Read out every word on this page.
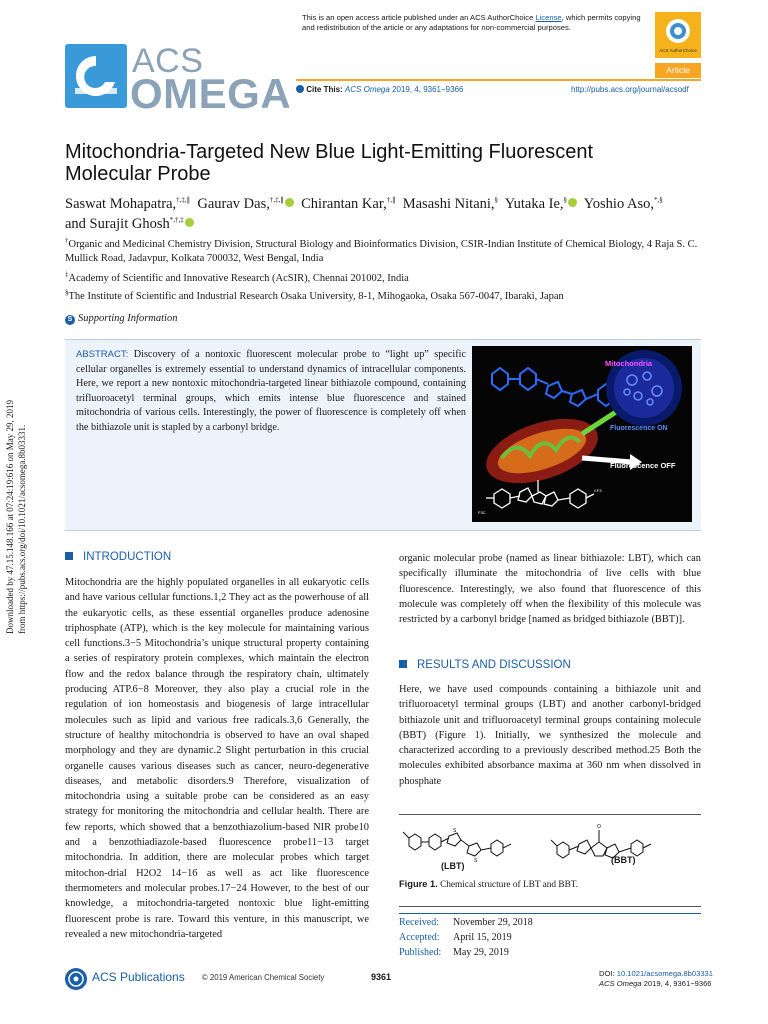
Downloaded by 47.15.148.166 at 07:24:19:616 on May 29, 2019 from https://pubs.acs.org/doi/10.1021/acsomega.8b03331.
This is an open access article published under an ACS AuthorChoice License, which permits copying and redistribution of the article or any adaptations for non-commercial purposes.
ACS AuthorChoice
Article
ACS
OMEGA	Cite This: ACS Omega 2019, 4, 9361−9366	http://pubs.acs.org/journal/acsodf
Mitochondria-Targeted New Blue Light-Emitting Fluorescent Molecular Probe
Saswat Mohapatra,†,‡,∥ Gaurav Das,†,‡,∥ Chirantan Kar,†,∥ Masashi Nitani,§ Yutaka Ie,§ Yoshio Aso,*,§
and Surajit Ghosh*,†,‡
†Organic and Medicinal Chemistry Division, Structural Biology and Bioinformatics Division, CSIR-Indian Institute of Chemical Biology, 4 Raja S. C. Mullick Road, Jadavpur, Kolkata 700032, West Bengal, India
‡Academy of Scientific and Innovative Research (AcSIR), Chennai 201002, India
§The Institute of Scientific and Industrial Research Osaka University, 8-1, Mihogaoka, Osaka 567-0047, Ibaraki, Japan
S Supporting Information
ABSTRACT: Discovery of a nontoxic fluorescent molecular probe to “light up” specific cellular organelles is extremely essential to understand dynamics of intracellular components. Here, we report a new nontoxic mitochondria-targeted linear bithiazole compound, containing trifluoroacetyl terminal groups, which emits intense blue fluorescence and stained mitochondria of various cells. Interestingly, the power of fluorescence is completely off when the bithiazole unit is stapled by a carbonyl bridge.
Mitochondria
Fluorescence ON
Fluorescence OFF
F3C
CF3
INTRODUCTION
Mitochondria are the highly populated organelles in all eukaryotic cells and have various cellular functions.1,2 They act as the powerhouse of all the eukaryotic cells, as these essential organelles produce adenosine triphosphate (ATP), which is the key molecule for maintaining various cell functions.3−5 Mitochondria’s unique structural property containing a series of respiratory protein complexes, which maintain the electron flow and the redox balance through the respiratory chain, ultimately producing ATP.6−8 Moreover, they also play a crucial role in the regulation of ion homeostasis and biogenesis of large intracellular molecules such as lipid and various free radicals.3,6 Generally, the structure of healthy mitochondria is observed to have an oval shaped morphology and they are dynamic.2 Slight perturbation in this crucial organelle causes various diseases such as cancer, neuro-degenerative diseases, and metabolic disorders.9 Therefore, visualization of mitochondria using a suitable probe can be considered as an easy strategy for monitoring the mitochondria and cellular health. There are few reports, which showed that a benzothiazolium-based NIR probe10 and a benzothiadiazole-based fluorescence probe11−13 target mitochondria. In addition, there are molecular probes which target mitochon-drial H2O2 14−16 as well as act like fluorescence thermometers and molecular probes.17−24 However, to the best of our knowledge, a mitochondria-targeted nontoxic blue light-emitting fluorescent probe is rare. Toward this venture, in this manuscript, we revealed a new mitochondria-targeted
organic molecular probe (named as linear bithiazole: LBT), which can specifically illuminate the mitochondria of live cells with blue fluorescence. Interestingly, we also found that fluorescence of this molecule was completely off when the flexibility of this molecule was restricted by a carbonyl bridge [named as bridged bithiazole (BBT)].
RESULTS AND DISCUSSION
Here, we have used compounds containing a bithiazole unit and trifluoroacetyl terminal groups (LBT) and another carbonyl-bridged bithiazole unit and trifluoroacetyl terminal groups containing molecule (BBT) (Figure 1). Initially, we synthesized the molecule and characterized according to a previously described method.25 Both the molecules exhibited absorbance maxima at 360 nm when dissolved in phosphate
S
S
O
(LBT)
(BBT)
Figure 1. Chemical structure of LBT and BBT.
Received: November 29, 2018
Accepted: April 15, 2019
Published: May 29, 2019
ACS Publications © 2019 American Chemical Society	9361	DOI: 10.1021/acsomega.8b03331
ACS Omega 2019, 4, 9361−9366
